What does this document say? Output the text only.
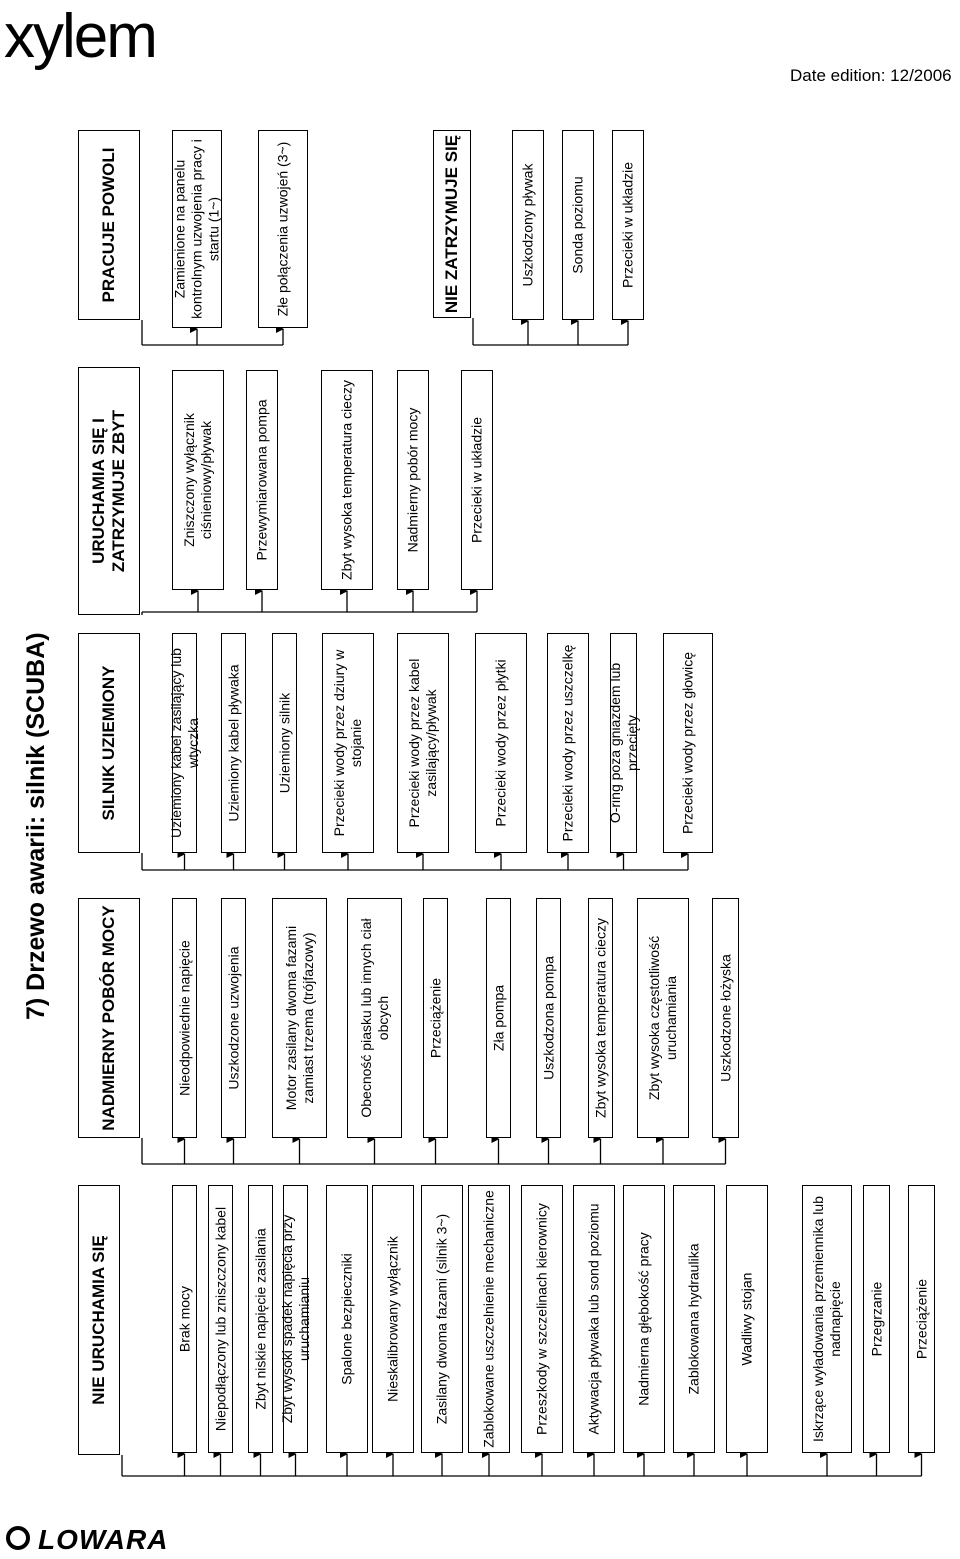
xylem
Date edition: 12/2006
7) Drzewo awarii: silnik (SCUBA)
NIE URUCHAMIA SIĘ	Brak mocy Niepodłączony lub zniszczony kabel Zbyt niskie napięcie zasilania Zbyt wysoki spadek napięcia przy uruchamianiu Spalone bezpieczniki Nieskalibrowany wyłącznik Zasilany dwoma fazami (silnik 3~) Zablokowane uszczelnienie mechaniczne	Przeszkody w szczelinach kierownicy	Aktywacja pływaka lub sond poziomu Nadmierna głębokość pracy Zablokowana hydraulika	Wadliwy stojan	Iskrzące wyładowania przemiennika lub nadnapięcie Przegrzanie Przeciążenie
NADMIERNY POBÓR MOCY	Nieodpowiednie napięcie Uszkodzone uzwojenia	Motor zasilany dwoma fazami zamiast trzema (trójfazowy)	Obecność piasku lub innych ciał obcych	Przeciążenie	Zła pompa Uszkodzona pompa	Zbyt wysoka temperatura cieczy	Zbyt wysoka częstotliwość uruchamiania	Uszkodzone łożyska
SILNIK UZIEMIONY	Uziemiony kabel zasilający lub wtyczka Uziemiony kabel pływaka	Uziemiony silnik	Przecieki wody przez dziury w stojanie	Przecieki wody przez kabel zasilający/pływak	Przecieki wody przez płytki	Przecieki wody przez uszczelkę O-ring poza gniazdem lub przecięty	Przecieki wody przez głowicę
URUCHAMIA SIĘ I ZATRZYMUJE ZBYT	Zniszczony wyłącznik ciśnieniowy/pływak	Przewymiarowana pompa	Zbyt wysoka temperatura cieczy	Nadmierny pobór mocy	Przecieki w układzie
PRACUJE POWOLI	Zamienione na panelu kontrolnym uzwojenia pracy i startu (1~)	Złe połączenia uzwojeń (3~)	NIE ZATRZYMUJE SIĘ	Uszkodzony pływak Sonda poziomu Przecieki w układzie
LOWARA
